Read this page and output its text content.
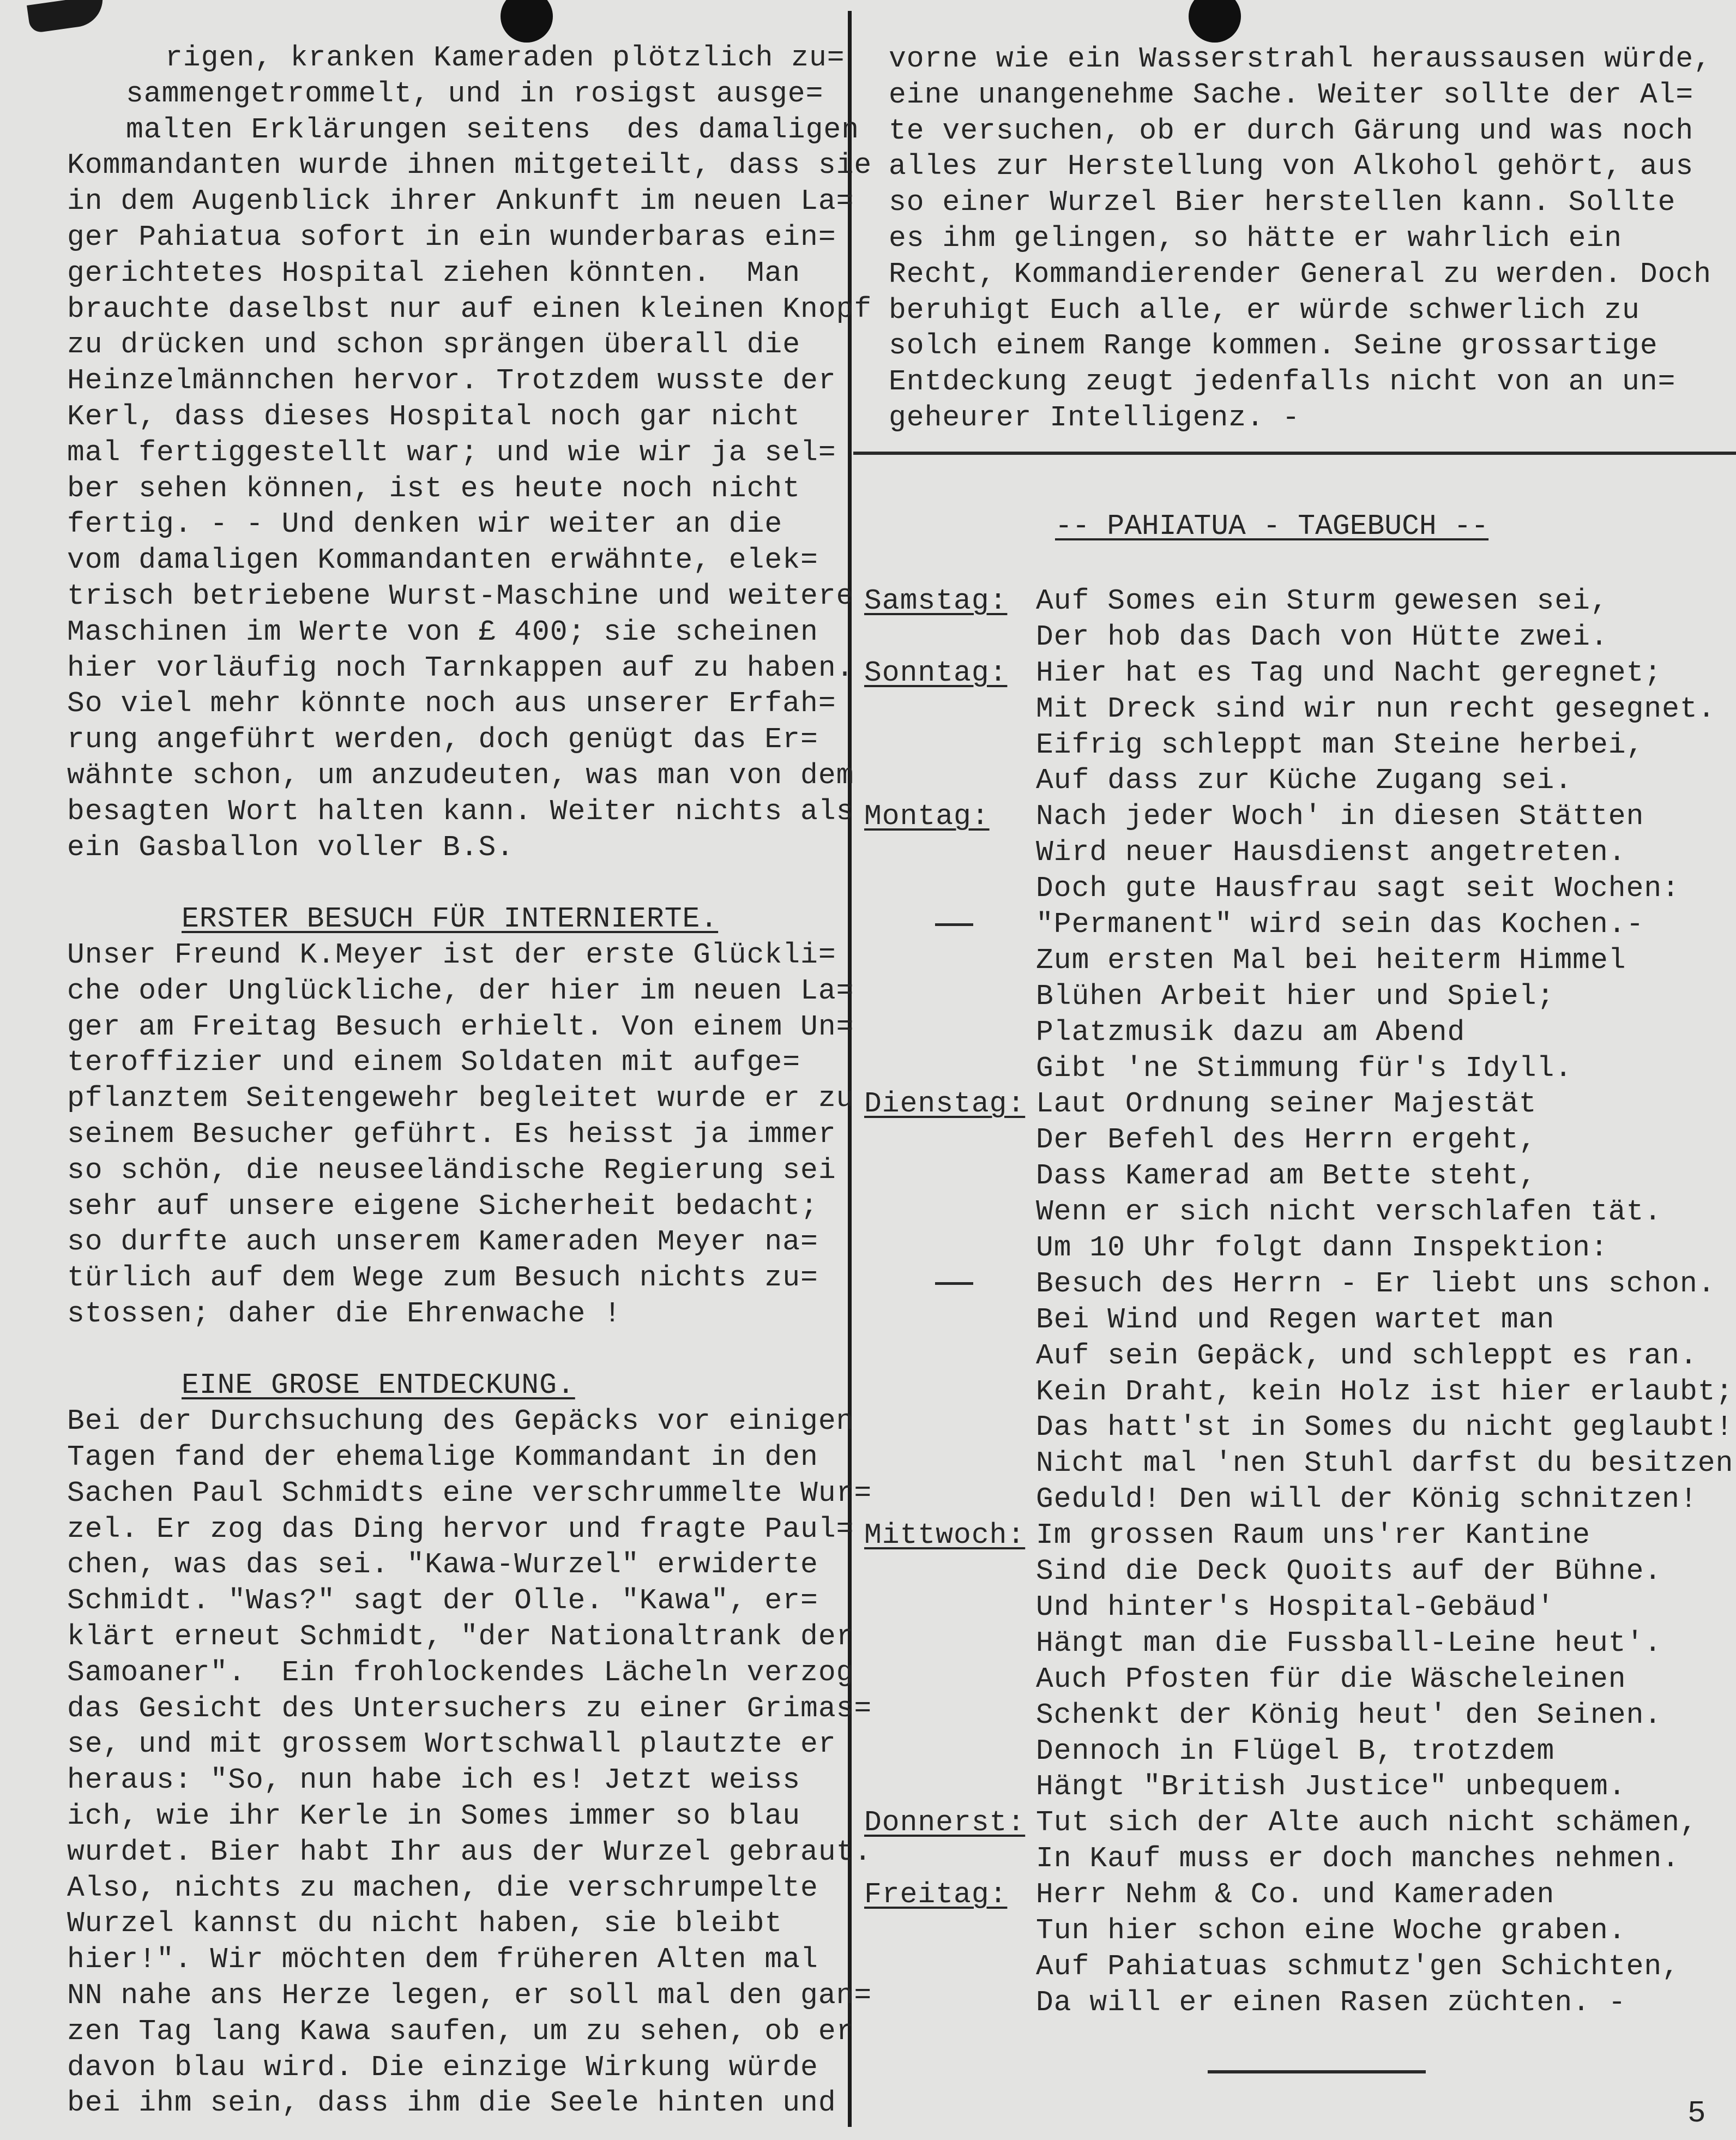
rigen, kranken Kameraden plötzlich zu=
sammengetrommelt, und in rosigst ausge=
malten Erklärungen seitens  des damaligen
Kommandanten wurde ihnen mitgeteilt, dass sie
in dem Augenblick ihrer Ankunft im neuen La=
ger Pahiatua sofort in ein wunderbaras ein=
gerichtetes Hospital ziehen könnten.  Man
brauchte daselbst nur auf einen kleinen Knopf
zu drücken und schon sprängen überall die
Heinzelmännchen hervor. Trotzdem wusste der
Kerl, dass dieses Hospital noch gar nicht
mal fertiggestellt war; und wie wir ja sel=
ber sehen können, ist es heute noch nicht
fertig. - - Und denken wir weiter an die
vom damaligen Kommandanten erwähnte, elek=
trisch betriebene Wurst-Maschine und weitere
Maschinen im Werte von £ 400; sie scheinen
hier vorläufig noch Tarnkappen auf zu haben.
So viel mehr könnte noch aus unserer Erfah=
rung angeführt werden, doch genügt das Er=
wähnte schon, um anzudeuten, was man von dem
besagten Wort halten kann. Weiter nichts als
ein Gasballon voller B.S.
ERSTER BESUCH FÜR INTERNIERTE.
Unser Freund K.Meyer ist der erste Glückli=
che oder Unglückliche, der hier im neuen La=
ger am Freitag Besuch erhielt. Von einem Un=
teroffizier und einem Soldaten mit aufge=
pflanztem Seitengewehr begleitet wurde er zu
seinem Besucher geführt. Es heisst ja immer
so schön, die neuseeländische Regierung sei
sehr auf unsere eigene Sicherheit bedacht;
so durfte auch unserem Kameraden Meyer na=
türlich auf dem Wege zum Besuch nichts zu=
stossen; daher die Ehrenwache !
EINE GROSE ENTDECKUNG.
Bei der Durchsuchung des Gepäcks vor einigen
Tagen fand der ehemalige Kommandant in den
Sachen Paul Schmidts eine verschrummelte Wur=
zel. Er zog das Ding hervor und fragte Paul=
chen, was das sei. "Kawa-Wurzel" erwiderte
Schmidt. "Was?" sagt der Olle. "Kawa", er=
klärt erneut Schmidt, "der Nationaltrank der
Samoaner".  Ein frohlockendes Lächeln verzog
das Gesicht des Untersuchers zu einer Grimas=
se, und mit grossem Wortschwall plautzte er
heraus: "So, nun habe ich es! Jetzt weiss
ich, wie ihr Kerle in Somes immer so blau
wurdet. Bier habt Ihr aus der Wurzel gebraut.
Also, nichts zu machen, die verschrumpelte
Wurzel kannst du nicht haben, sie bleibt
hier!". Wir möchten dem früheren Alten mal
NN nahe ans Herze legen, er soll mal den gan=
zen Tag lang Kawa saufen, um zu sehen, ob er
davon blau wird. Die einzige Wirkung würde
bei ihm sein, dass ihm die Seele hinten und
vorne wie ein Wasserstrahl heraussausen würde,
eine unangenehme Sache. Weiter sollte der Al=
te versuchen, ob er durch Gärung und was noch
alles zur Herstellung von Alkohol gehört, aus
so einer Wurzel Bier herstellen kann. Sollte
es ihm gelingen, so hätte er wahrlich ein
Recht, Kommandierender General zu werden. Doch
beruhigt Euch alle, er würde schwerlich zu
solch einem Range kommen. Seine grossartige
Entdeckung zeugt jedenfalls nicht von an un=
geheurer Intelligenz. -
-- PAHIATUA - TAGEBUCH --
Samstag: Auf Somes ein Sturm gewesen sei,
Der hob das Dach von Hütte zwei.
Sonntag: Hier hat es Tag und Nacht geregnet;
Mit Dreck sind wir nun recht gesegnet.
Eifrig schleppt man Steine herbei,
Auf dass zur Küche Zugang sei.
Montag:	Nach jeder Woch' in diesen Stätten
Wird neuer Hausdienst angetreten.
Doch gute Hausfrau sagt seit Wochen:
"Permanent" wird sein das Kochen.-
Zum ersten Mal bei heiterm Himmel
Blühen Arbeit hier und Spiel;
Platzmusik dazu am Abend
Gibt 'ne Stimmung für's Idyll.
Dienstag: Laut Ordnung seiner Majestät
Der Befehl des Herrn ergeht,
Dass Kamerad am Bette steht,
Wenn er sich nicht verschlafen tät.
Um 10 Uhr folgt dann Inspektion:
Besuch des Herrn - Er liebt uns schon.
Bei Wind und Regen wartet man
Auf sein Gepäck, und schleppt es ran.
Kein Draht, kein Holz ist hier erlaubt;
Das hatt'st in Somes du nicht geglaubt!
Nicht mal 'nen Stuhl darfst du besitzen
Geduld! Den will der König schnitzen!
Mittwoch: Im grossen Raum uns'rer Kantine
Sind die Deck Quoits auf der Bühne.
Und hinter's Hospital-Gebäud'
Hängt man die Fussball-Leine heut'.
Auch Pfosten für die Wäscheleinen
Schenkt der König heut' den Seinen.
Dennoch in Flügel B, trotzdem
Hängt "British Justice" unbequem.
Donnerst: Tut sich der Alte auch nicht schämen,
In Kauf muss er doch manches nehmen.
Freitag: Herr Nehm & Co. und Kameraden
Tun hier schon eine Woche graben.
Auf Pahiatuas schmutz'gen Schichten,
Da will er einen Rasen züchten. -
5
